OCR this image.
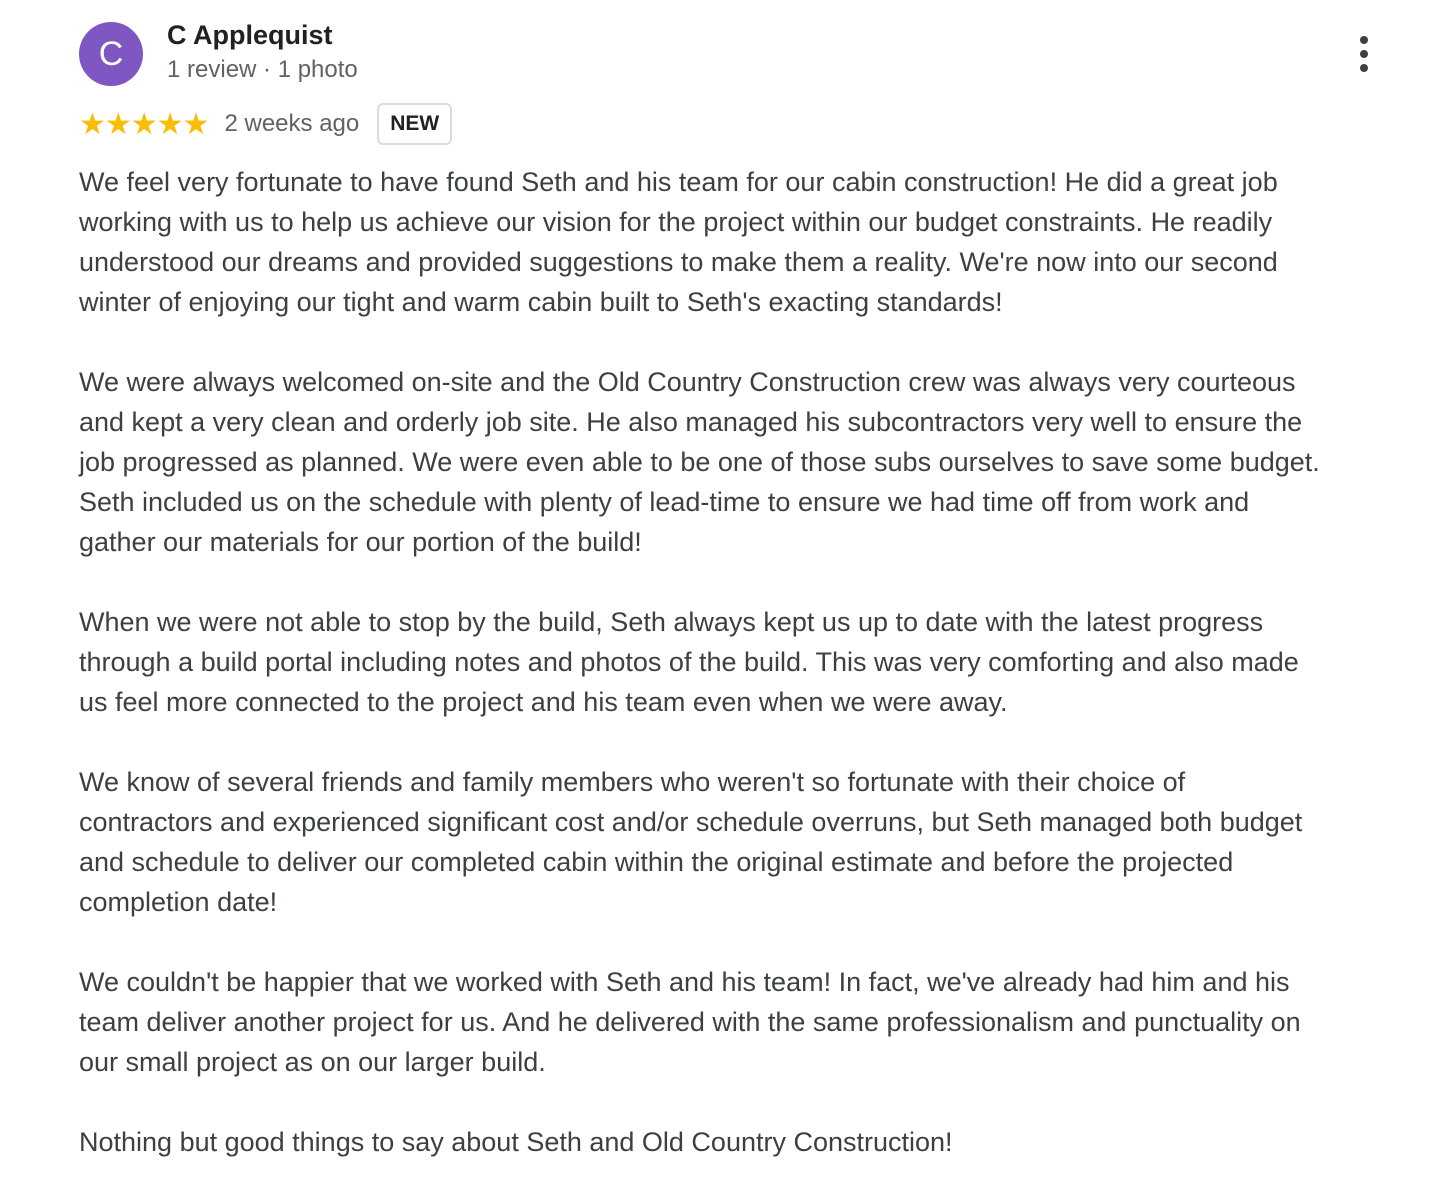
C C Applequist
1 review · 1 photo
★★★★★ 2 weeks ago	NEW
We feel very fortunate to have found Seth and his team for our cabin construction! He did a great job
working with us to help us achieve our vision for the project within our budget constraints. He readily
understood our dreams and provided suggestions to make them a reality. We're now into our second
winter of enjoying our tight and warm cabin built to Seth's exacting standards!
We were always welcomed on-site and the Old Country Construction crew was always very courteous
and kept a very clean and orderly job site. He also managed his subcontractors very well to ensure the
job progressed as planned. We were even able to be one of those subs ourselves to save some budget.
Seth included us on the schedule with plenty of lead-time to ensure we had time off from work and
gather our materials for our portion of the build!
When we were not able to stop by the build, Seth always kept us up to date with the latest progress
through a build portal including notes and photos of the build. This was very comforting and also made
us feel more connected to the project and his team even when we were away.
We know of several friends and family members who weren't so fortunate with their choice of
contractors and experienced significant cost and/or schedule overruns, but Seth managed both budget
and schedule to deliver our completed cabin within the original estimate and before the projected
completion date!
We couldn't be happier that we worked with Seth and his team! In fact, we've already had him and his
team deliver another project for us. And he delivered with the same professionalism and punctuality on
our small project as on our larger build.
Nothing but good things to say about Seth and Old Country Construction!
